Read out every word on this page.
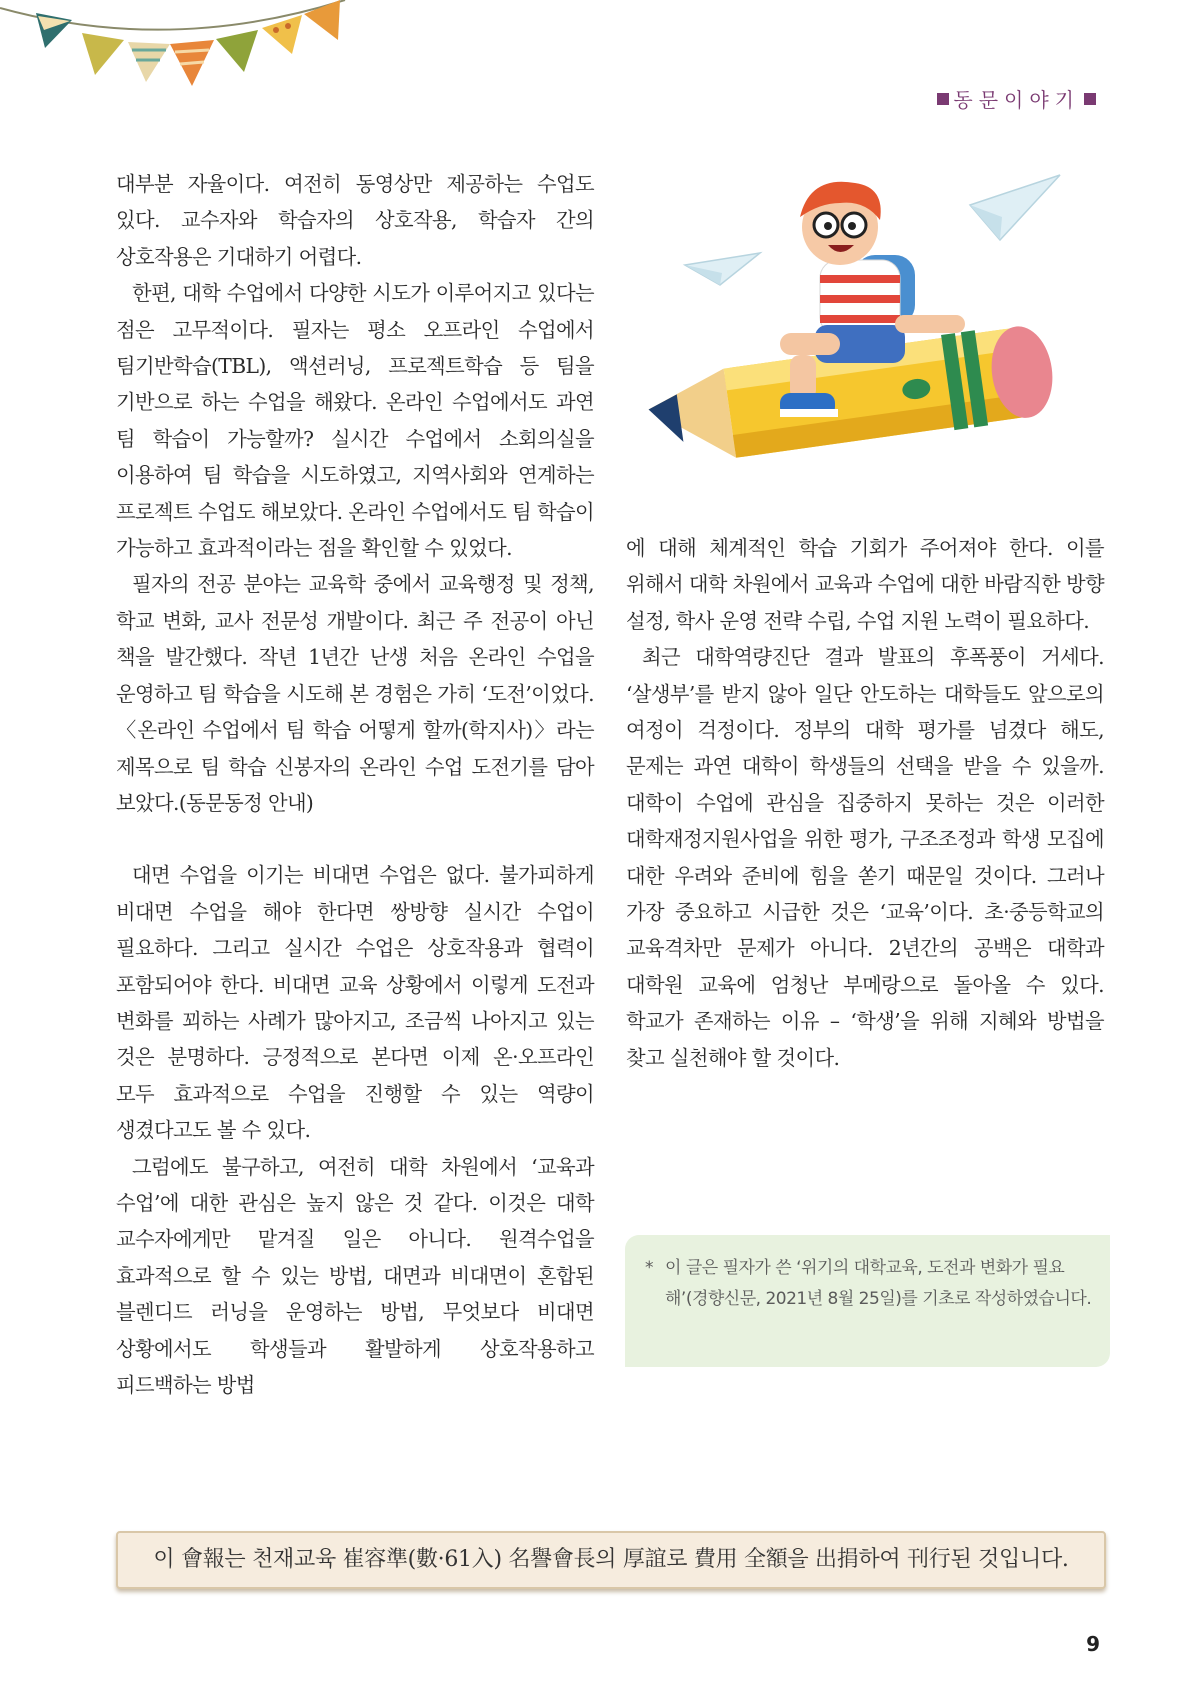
동문이야기

대부분 자율이다. 여전히 동영상만 제공하는 수업도 있다. 교수자와 학습자의 상호작용, 학습자 간의 상호작용은 기대하기 어렵다.

한편, 대학 수업에서 다양한 시도가 이루어지고 있다는 점은 고무적이다. 필자는 평소 오프라인 수업에서 팀기반학습(TBL), 액션러닝, 프로젝트학습 등 팀을 기반으로 하는 수업을 해왔다. 온라인 수업에서도 과연 팀 학습이 가능할까? 실시간 수업에서 소회의실을 이용하여 팀 학습을 시도하였고, 지역사회와 연계하는 프로젝트 수업도 해보았다. 온라인 수업에서도 팀 학습이 가능하고 효과적이라는 점을 확인할 수 있었다.

필자의 전공 분야는 교육학 중에서 교육행정 및 정책, 학교 변화, 교사 전문성 개발이다. 최근 주 전공이 아닌 책을 발간했다. 작년 1년간 난생 처음 온라인 수업을 운영하고 팀 학습을 시도해 본 경험은 가히 ‘도전’이었다. 〈온라인 수업에서 팀 학습 어떻게 할까(학지사)〉라는 제목으로 팀 학습 신봉자의 온라인 수업 도전기를 담아 보았다.(동문동정 안내)

대면 수업을 이기는 비대면 수업은 없다. 불가피하게 비대면 수업을 해야 한다면 쌍방향 실시간 수업이 필요하다. 그리고 실시간 수업은 상호작용과 협력이 포함되어야 한다. 비대면 교육 상황에서 이렇게 도전과 변화를 꾀하는 사례가 많아지고, 조금씩 나아지고 있는 것은 분명하다. 긍정적으로 본다면 이제 온·오프라인 모두 효과적으로 수업을 진행할 수 있는 역량이 생겼다고도 볼 수 있다.

그럼에도 불구하고, 여전히 대학 차원에서 ‘교육과 수업’에 대한 관심은 높지 않은 것 같다. 이것은 대학 교수자에게만 맡겨질 일은 아니다. 원격수업을 효과적으로 할 수 있는 방법, 대면과 비대면이 혼합된 블렌디드 러닝을 운영하는 방법, 무엇보다 비대면 상황에서도 학생들과 활발하게 상호작용하고 피드백하는 방법

에 대해 체계적인 학습 기회가 주어져야 한다. 이를 위해서 대학 차원에서 교육과 수업에 대한 바람직한 방향 설정, 학사 운영 전략 수립, 수업 지원 노력이 필요하다.

최근 대학역량진단 결과 발표의 후폭풍이 거세다. ‘살생부’를 받지 않아 일단 안도하는 대학들도 앞으로의 여정이 걱정이다. 정부의 대학 평가를 넘겼다 해도, 문제는 과연 대학이 학생들의 선택을 받을 수 있을까. 대학이 수업에 관심을 집중하지 못하는 것은 이러한 대학재정지원사업을 위한 평가, 구조조정과 학생 모집에 대한 우려와 준비에 힘을 쏟기 때문일 것이다. 그러나 가장 중요하고 시급한 것은 ‘교육’이다. 초·중등학교의 교육격차만 문제가 아니다. 2년간의 공백은 대학과 대학원 교육에 엄청난 부메랑으로 돌아올 수 있다. 학교가 존재하는 이유 – ‘학생’을 위해 지혜와 방법을 찾고 실천해야 할 것이다.

* 이 글은 필자가 쓴 ‘위기의 대학교육, 도전과 변화가 필요해’(경향신문, 2021년 8월 25일)를 기초로 작성하였습니다.
이 會報는 천재교육 崔容準(數·61入) 名譽會長의 厚誼로 費用 全額을 出捐하여 刊行된 것입니다.
9
